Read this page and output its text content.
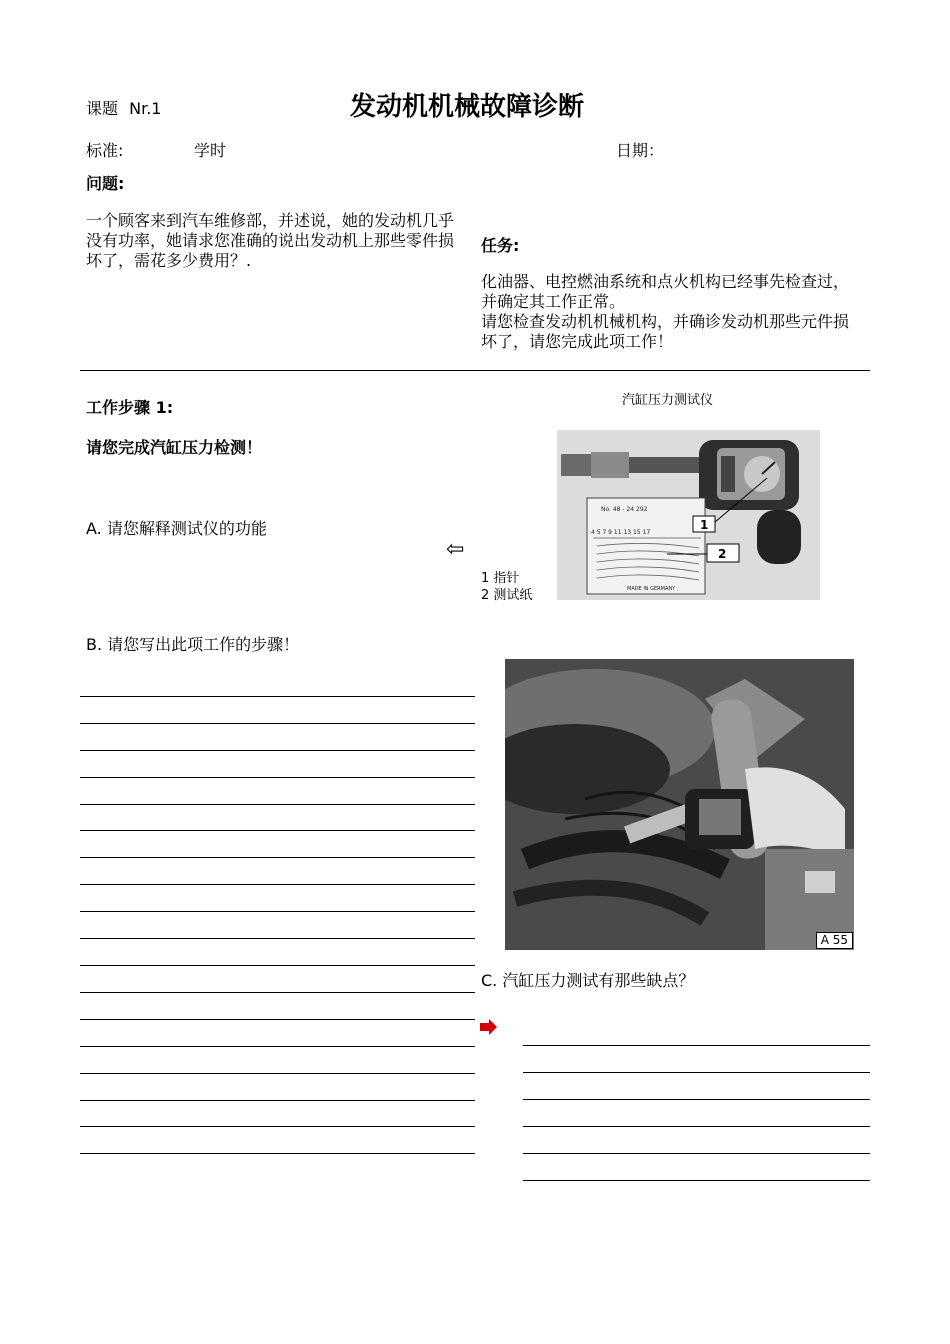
课题 Nr.1	发动机机械故障诊断
标准:	学时	日期：
问题:
一个顾客来到汽车维修部，并述说，她的发动机几乎没有功率，她请求您准确的说出发动机上那些零件损坏了，需花多少费用？.
任务:
化油器、电控燃油系统和点火机构已经事先检查过，并确定其工作正常。
请您检查发动机机械机构，并确诊发动机那些元件损坏了，请您完成此项工作！
工作步骤 1:
请您完成汽缸压力检测！
A. 请您解释测试仪的功能
⇦
B. 请您写出此项工作的步骤！
汽缸压力测试仪
1 指针
2 测试纸
No. 48 - 24 292
4 5 7 9 11 13 15 17
MADE IN GERMANY
1
2
A 55
C. 汽缸压力测试有那些缺点？
